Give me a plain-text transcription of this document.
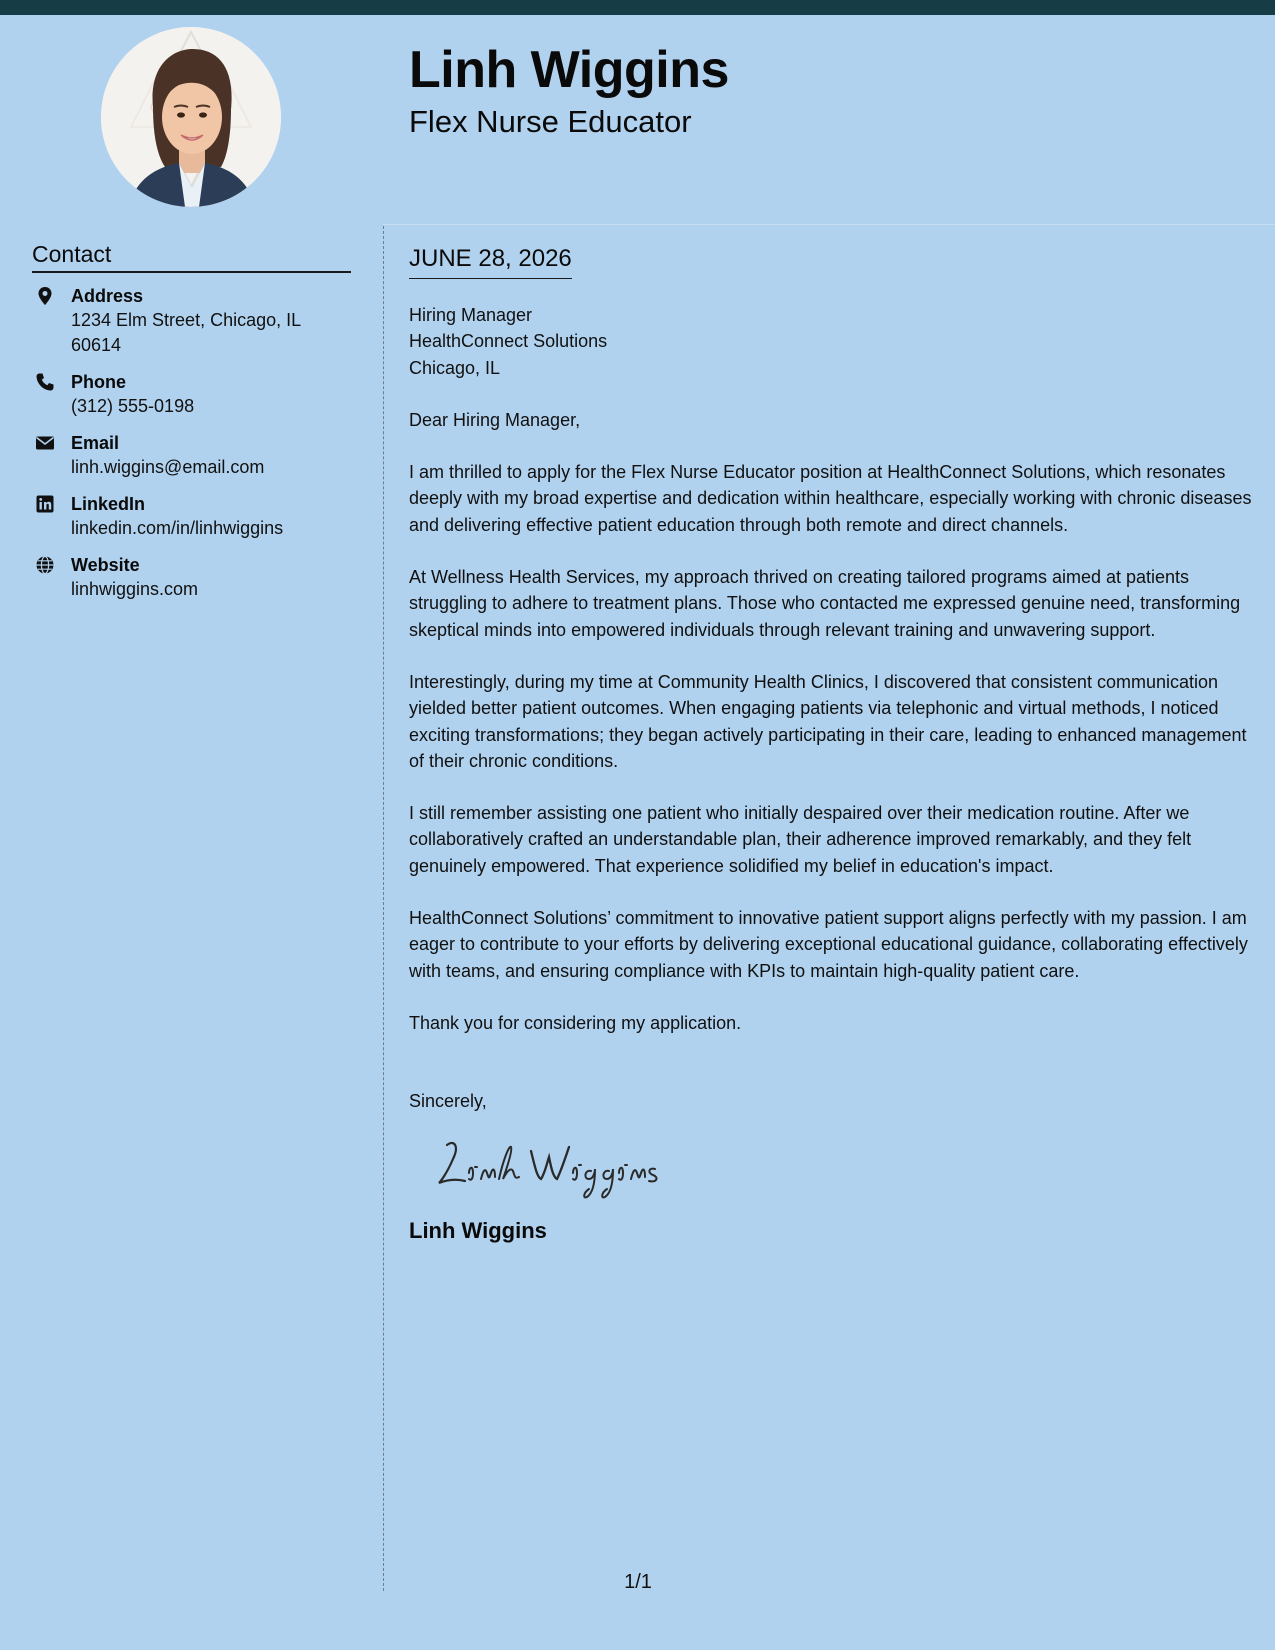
Linh Wiggins
Flex Nurse Educator
Contact
Address
1234 Elm Street, Chicago, IL 60614
Phone
(312) 555-0198
Email
linh.wiggins@email.com
LinkedIn
linkedin.com/in/linhwiggins
Website
linhwiggins.com
JUNE 28, 2026
Hiring Manager
HealthConnect Solutions
Chicago, IL

Dear Hiring Manager,

I am thrilled to apply for the Flex Nurse Educator position at HealthConnect Solutions, which resonates deeply with my broad expertise and dedication within healthcare, especially working with chronic diseases and delivering effective patient education through both remote and direct channels.

At Wellness Health Services, my approach thrived on creating tailored programs aimed at patients struggling to adhere to treatment plans. Those who contacted me expressed genuine need, transforming skeptical minds into empowered individuals through relevant training and unwavering support.

Interestingly, during my time at Community Health Clinics, I discovered that consistent communication yielded better patient outcomes. When engaging patients via telephonic and virtual methods, I noticed exciting transformations; they began actively participating in their care, leading to enhanced management of their chronic conditions.

I still remember assisting one patient who initially despaired over their medication routine. After we collaboratively crafted an understandable plan, their adherence improved remarkably, and they felt genuinely empowered. That experience solidified my belief in education's impact.

HealthConnect Solutions’ commitment to innovative patient support aligns perfectly with my passion. I am eager to contribute to your efforts by delivering exceptional educational guidance, collaborating effectively with teams, and ensuring compliance with KPIs to maintain high-quality patient care.

Thank you for considering my application.

Sincerely,
Linh Wiggins
1/1
